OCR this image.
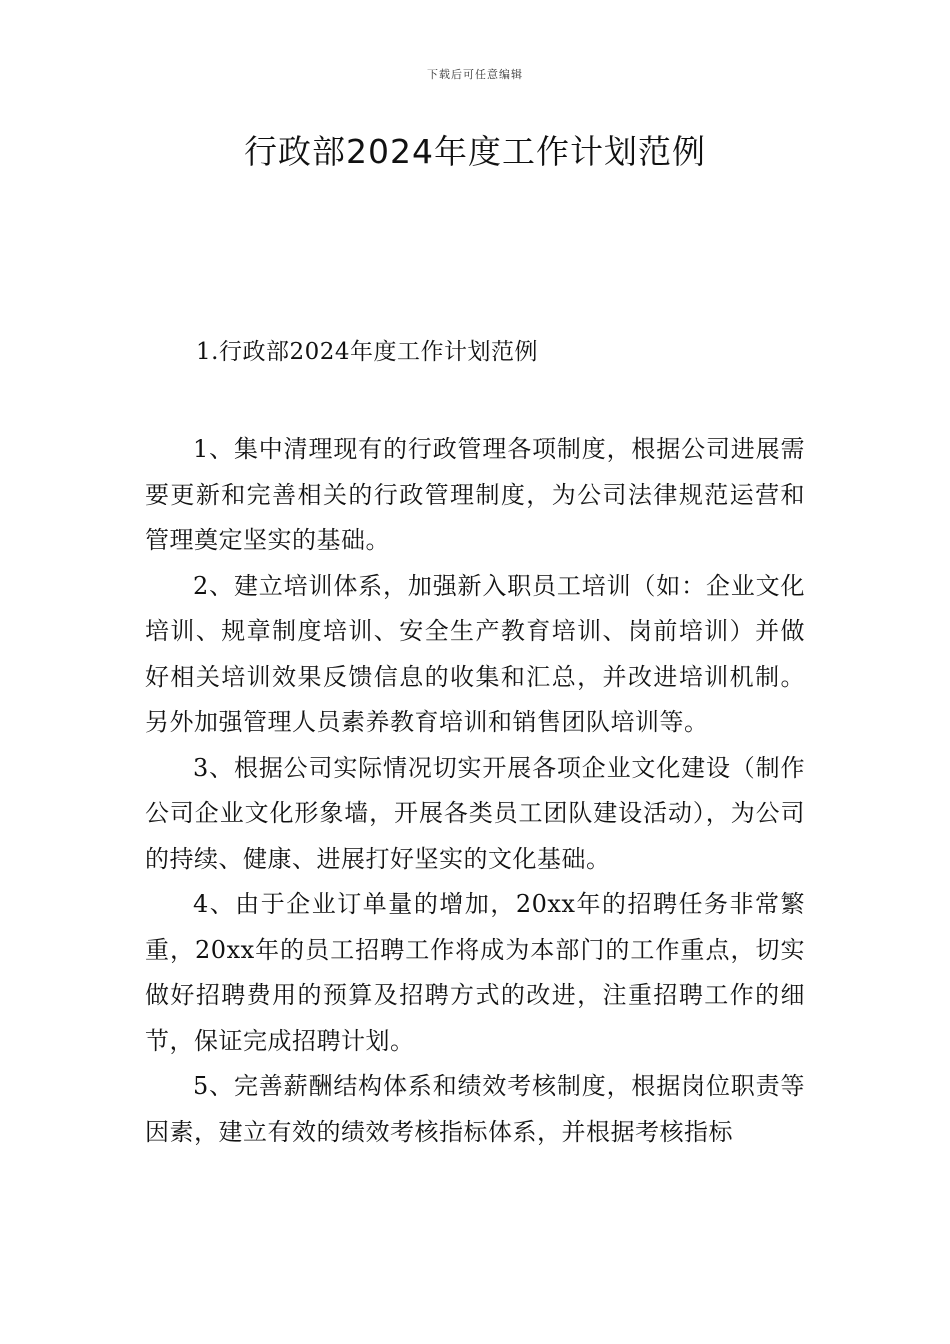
下载后可任意编辑
行政部2024年度工作计划范例
1.行政部2024年度工作计划范例

1、集中清理现有的行政管理各项制度，根据公司进展需要更新和完善相关的行政管理制度，为公司法律规范运营和管理奠定坚实的基础。

2、建立培训体系，加强新入职员工培训（如：企业文化培训、规章制度培训、安全生产教育培训、岗前培训）并做好相关培训效果反馈信息的收集和汇总，并改进培训机制。另外加强管理人员素养教育培训和销售团队培训等。

3、根据公司实际情况切实开展各项企业文化建设（制作公司企业文化形象墙，开展各类员工团队建设活动），为公司的持续、健康、进展打好坚实的文化基础。

4、由于企业订单量的增加，20xx年的招聘任务非常繁重，20xx年的员工招聘工作将成为本部门的工作重点，切实做好招聘费用的预算及招聘方式的改进，注重招聘工作的细节，保证完成招聘计划。

5、完善薪酬结构体系和绩效考核制度，根据岗位职责等因素，建立有效的绩效考核指标体系，并根据考核指标
